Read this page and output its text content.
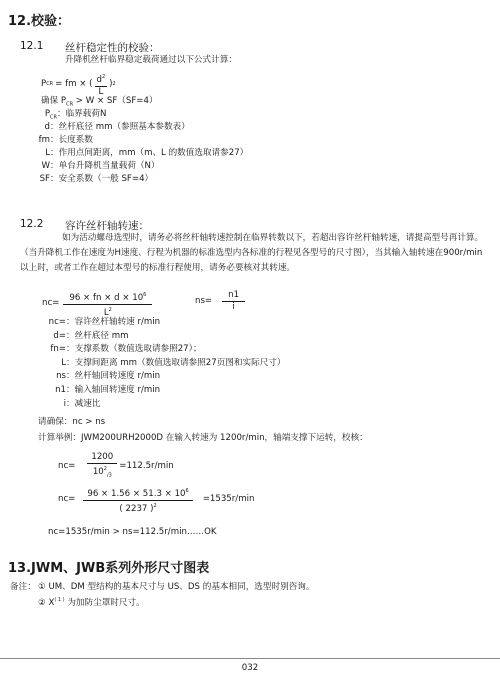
12.校验：
12.1 丝杆稳定性的校验：
升降机丝杆临界稳定载荷通过以下公式计算：
P CR = fm × ( $\frac{d^2}{L}$ ) 2
确保 $P_{CR} > W \times SF(SF=4)$
$P_{CR}$：临界载荷N
d：丝杆底径 mm（参照基本参数表）
fm：长度系数
L：作用点间距离，mm（m、L 的数值选取请参27）
W：单台升降机当量载荷（N）
SF：安全系数（一般 SF=4）
12.2 容许丝杆轴转速：
如为活动螺母选型时，请务必将丝杆轴转速控制在临界转数以下，若超出容许丝杆轴转速，请提高型号再计算。（当升降机工作在速度为H速度、行程为机器的标准选型内各标准的行程见各型号的尺寸图），当其输入轴转速在900r/min以上时，或者工作在超过本型号的标准行程使用，请务必要核对其转速。
$nc= \frac{96 \times fn \times d \times 10^6}{L^2}$	$ns= \frac{n1}{i}$
nc=：容许丝杆轴转速 r/min
d=：丝杆底径 mm
fn=：支撑系数（数值选取请参照27）；
L：支撑间距离 mm（数值选取请参照27页图和实际尺寸）
ns：丝杆轴回转速度 r/min
n1：输入轴回转速度 r/min
i：减速比
请确保：nc > ns
计算举例：JWM200URH2000D 在输入转速为 1200r/min，轴端支撑下运转，校核：
$nc= \frac{1200}{10^2_{/3}} =112.5r/\min$
$nc= \frac{96 \times 1.56 \times 51.3 \times 10^6}{( 2237 )^2} =1535r/\min$
nc=1535r/min > ns=112.5r/min……OK
13.JWM、JWB系列外形尺寸图表
备注： ① UM、DM 型结构的基本尺寸与 US、DS 的基本相同，选型时别咨询。
② $X^{( 1 )}$ 为加防尘罩时尺寸。
032
